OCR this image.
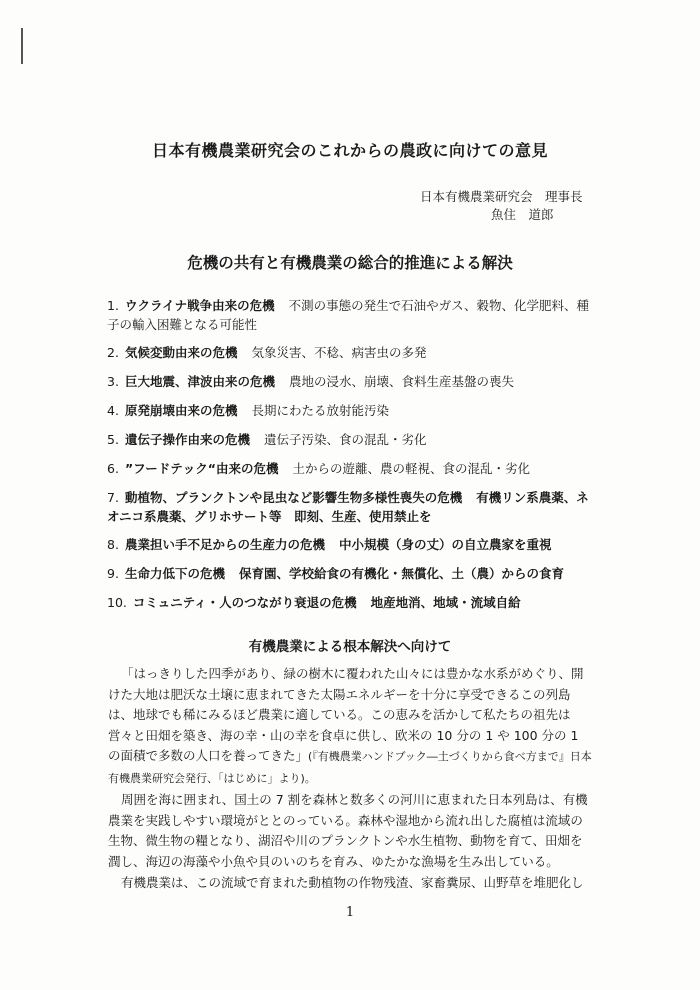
日本有機農業研究会のこれからの農政に向けての意見
日本有機農業研究会　理事長
魚住　道郎
危機の共有と有機農業の総合的推進による解決
1. ウクライナ戦争由来の危機 不測の事態の発生で石油やガス、穀物、化学肥料、種子の輸入困難となる可能性
2. 気候変動由来の危機 気象災害、不稔、病害虫の多発
3. 巨大地震、津波由来の危機 農地の浸水、崩壊、食料生産基盤の喪失
4. 原発崩壊由来の危機 長期にわたる放射能汚染
5. 遺伝子操作由来の危機 遺伝子汚染、食の混乱・劣化
6. ”フードテック“由来の危機 土からの遊離、農の軽視、食の混乱・劣化
7. 動植物、プランクトンや昆虫など影響生物多様性喪失の危機 有機リン系農薬、ネオニコ系農薬、グリホサート等　即刻、生産、使用禁止を
8. 農業担い手不足からの生産力の危機 中小規模（身の丈）の自立農家を重視
9. 生命力低下の危機 保育園、学校給食の有機化・無償化、土（農）からの食育
10. コミュニティ・人のつながり衰退の危機 地産地消、地域・流域自給
有機農業による根本解決へ向けて

「はっきりした四季があり、緑の樹木に覆われた山々には豊かな水系がめぐり、開けた大地は肥沃な土壌に恵まれてきた太陽エネルギーを十分に享受できるこの列島は、地球でも稀にみるほど農業に適している。この恵みを活かして私たちの祖先は営々と田畑を築き、海の幸・山の幸を食卓に供し、欧米の 10 分の 1 や 100 分の 1 の面積で多数の人口を養ってきた」(『有機農業ハンドブック―土づくりから食べ方まで』日本有機農業研究会発行、「はじめに」より)。

周囲を海に囲まれ、国土の 7 割を森林と数多くの河川に恵まれた日本列島は、有機農業を実践しやすい環境がととのっている。森林や湿地から流れ出した腐植は流域の生物、微生物の糧となり、湖沼や川のプランクトンや水生植物、動物を育て、田畑を潤し、海辺の海藻や小魚や貝のいのちを育み、ゆたかな漁場を生み出している。

有機農業は、この流域で育まれた動植物の作物残渣、家畜糞尿、山野草を堆肥化し

1
